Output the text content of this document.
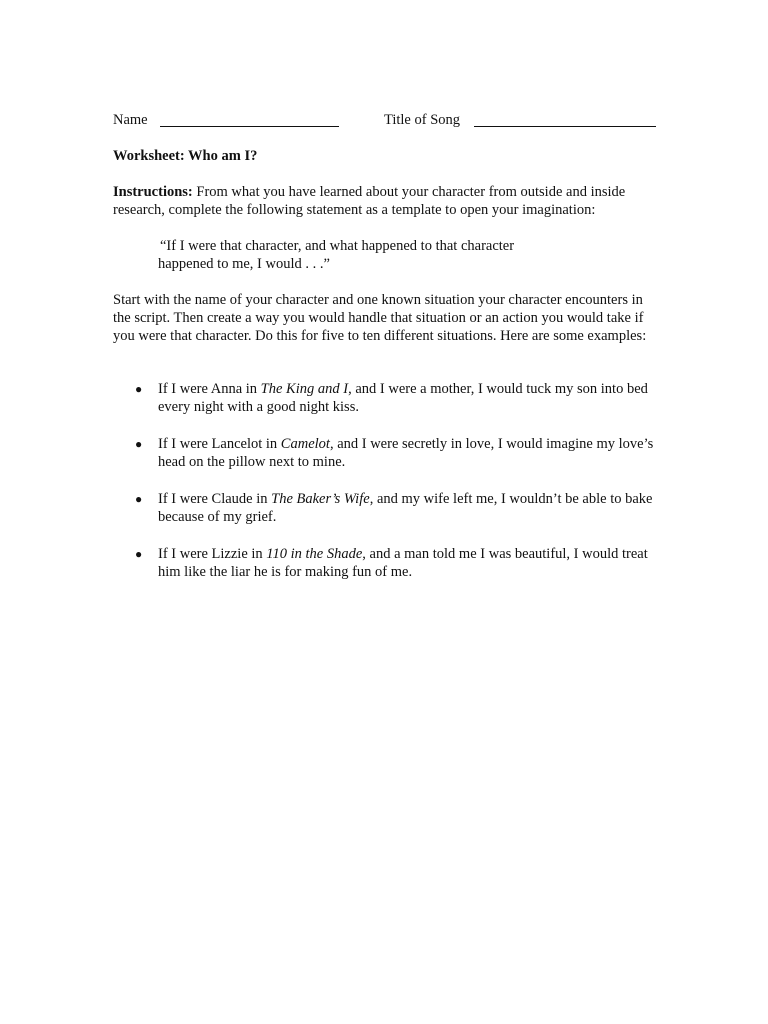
Name	Title of Song
Worksheet: Who am I?
Instructions: From what you have learned about your character from outside and inside research, complete the following statement as a template to open your imagination:
“If I were that character, and what happened to that character
happened to me, I would . . .”
Start with the name of your character and one known situation your character encounters in the script. Then create a way you would handle that situation or an action you would take if you were that character. Do this for five to ten different situations. Here are some examples:
● If I were Anna in The King and I, and I were a mother, I would tuck my son into bed every night with a good night kiss.
● If I were Lancelot in Camelot, and I were secretly in love, I would imagine my love’s head on the pillow next to mine.
● If I were Claude in The Baker’s Wife, and my wife left me, I wouldn’t be able to bake because of my grief.
● If I were Lizzie in 110 in the Shade, and a man told me I was beautiful, I would treat him like the liar he is for making fun of me.
